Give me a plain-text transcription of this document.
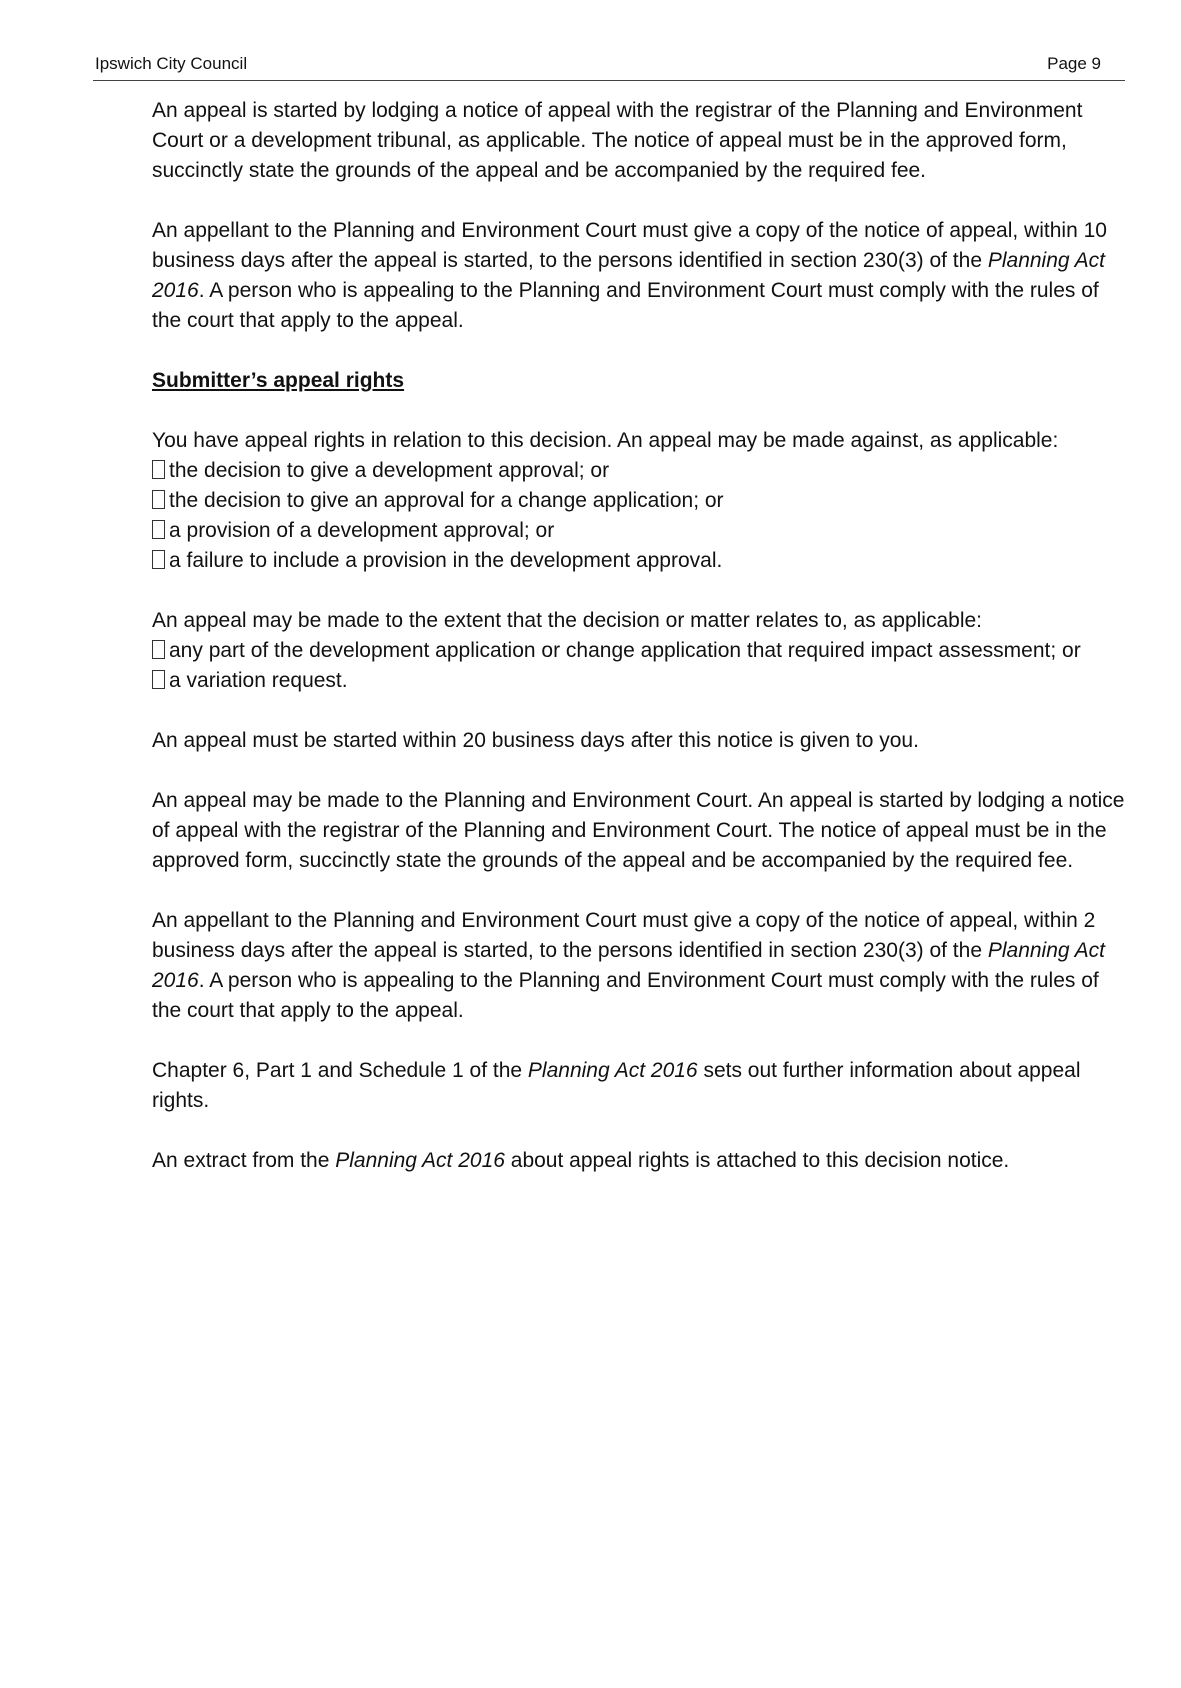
Ipswich City Council	Page 9

An appeal is started by lodging a notice of appeal with the registrar of the Planning and Environment Court or a development tribunal, as applicable. The notice of appeal must be in the approved form, succinctly state the grounds of the appeal and be accompanied by the required fee.

An appellant to the Planning and Environment Court must give a copy of the notice of appeal, within 10 business days after the appeal is started, to the persons identified in section 230(3) of the Planning Act 2016. A person who is appealing to the Planning and Environment Court must comply with the rules of the court that apply to the appeal.

Submitter’s appeal rights

You have appeal rights in relation to this decision. An appeal may be made against, as applicable:

the decision to give a development approval; or
the decision to give an approval for a change application; or
a provision of a development approval; or
a failure to include a provision in the development approval.

An appeal may be made to the extent that the decision or matter relates to, as applicable:

any part of the development application or change application that required impact assessment; or
a variation request.

An appeal must be started within 20 business days after this notice is given to you.

An appeal may be made to the Planning and Environment Court. An appeal is started by lodging a notice of appeal with the registrar of the Planning and Environment Court. The notice of appeal must be in the approved form, succinctly state the grounds of the appeal and be accompanied by the required fee.

An appellant to the Planning and Environment Court must give a copy of the notice of appeal, within 2 business days after the appeal is started, to the persons identified in section 230(3) of the Planning Act 2016. A person who is appealing to the Planning and Environment Court must comply with the rules of the court that apply to the appeal.

Chapter 6, Part 1 and Schedule 1 of the Planning Act 2016 sets out further information about appeal rights.

An extract from the Planning Act 2016 about appeal rights is attached to this decision notice.
